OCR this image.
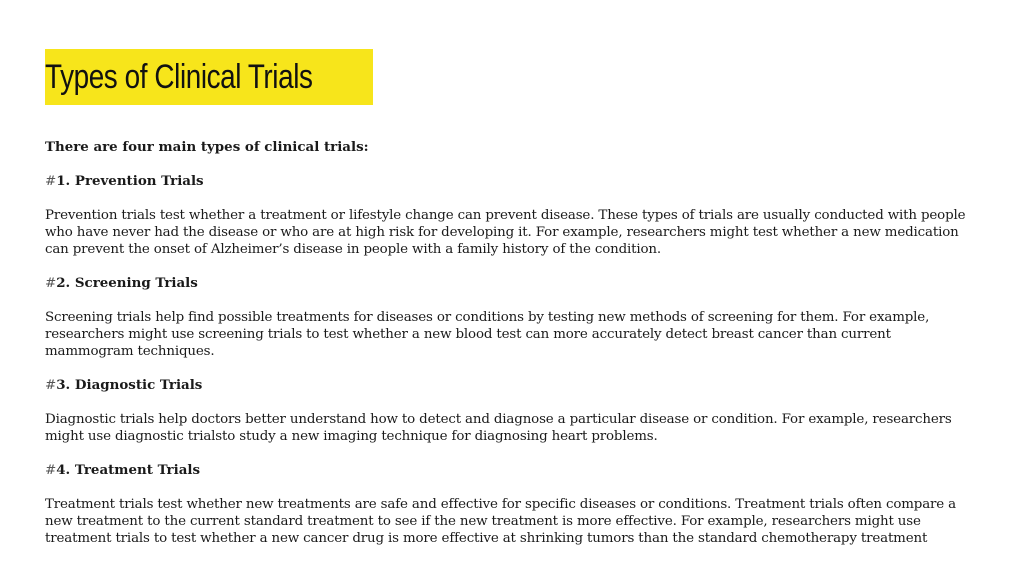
Types of Clinical Trials

There are four main types of clinical trials:

#1. Prevention Trials

Prevention trials test whether a treatment or lifestyle change can prevent disease. These types of trials are usually conducted with people who have never had the disease or who are at high risk for developing it. For example, researchers might test whether a new medication can prevent the onset of Alzheimer’s disease in people with a family history of the condition.

#2. Screening Trials

Screening trials help find possible treatments for diseases or conditions by testing new methods of screening for them. For example, researchers might use screening trials to test whether a new blood test can more accurately detect breast cancer than current mammogram techniques.

#3. Diagnostic Trials

Diagnostic trials help doctors better understand how to detect and diagnose a particular disease or condition. For example, researchers might use diagnostic trialsto study a new imaging technique for diagnosing heart problems.

#4. Treatment Trials

Treatment trials test whether new treatments are safe and effective for specific diseases or conditions. Treatment trials often compare a new treatment to the current standard treatment to see if the new treatment is more effective. For example, researchers might use treatment trials to test whether a new cancer drug is more effective at shrinking tumors than the standard chemotherapy treatment
